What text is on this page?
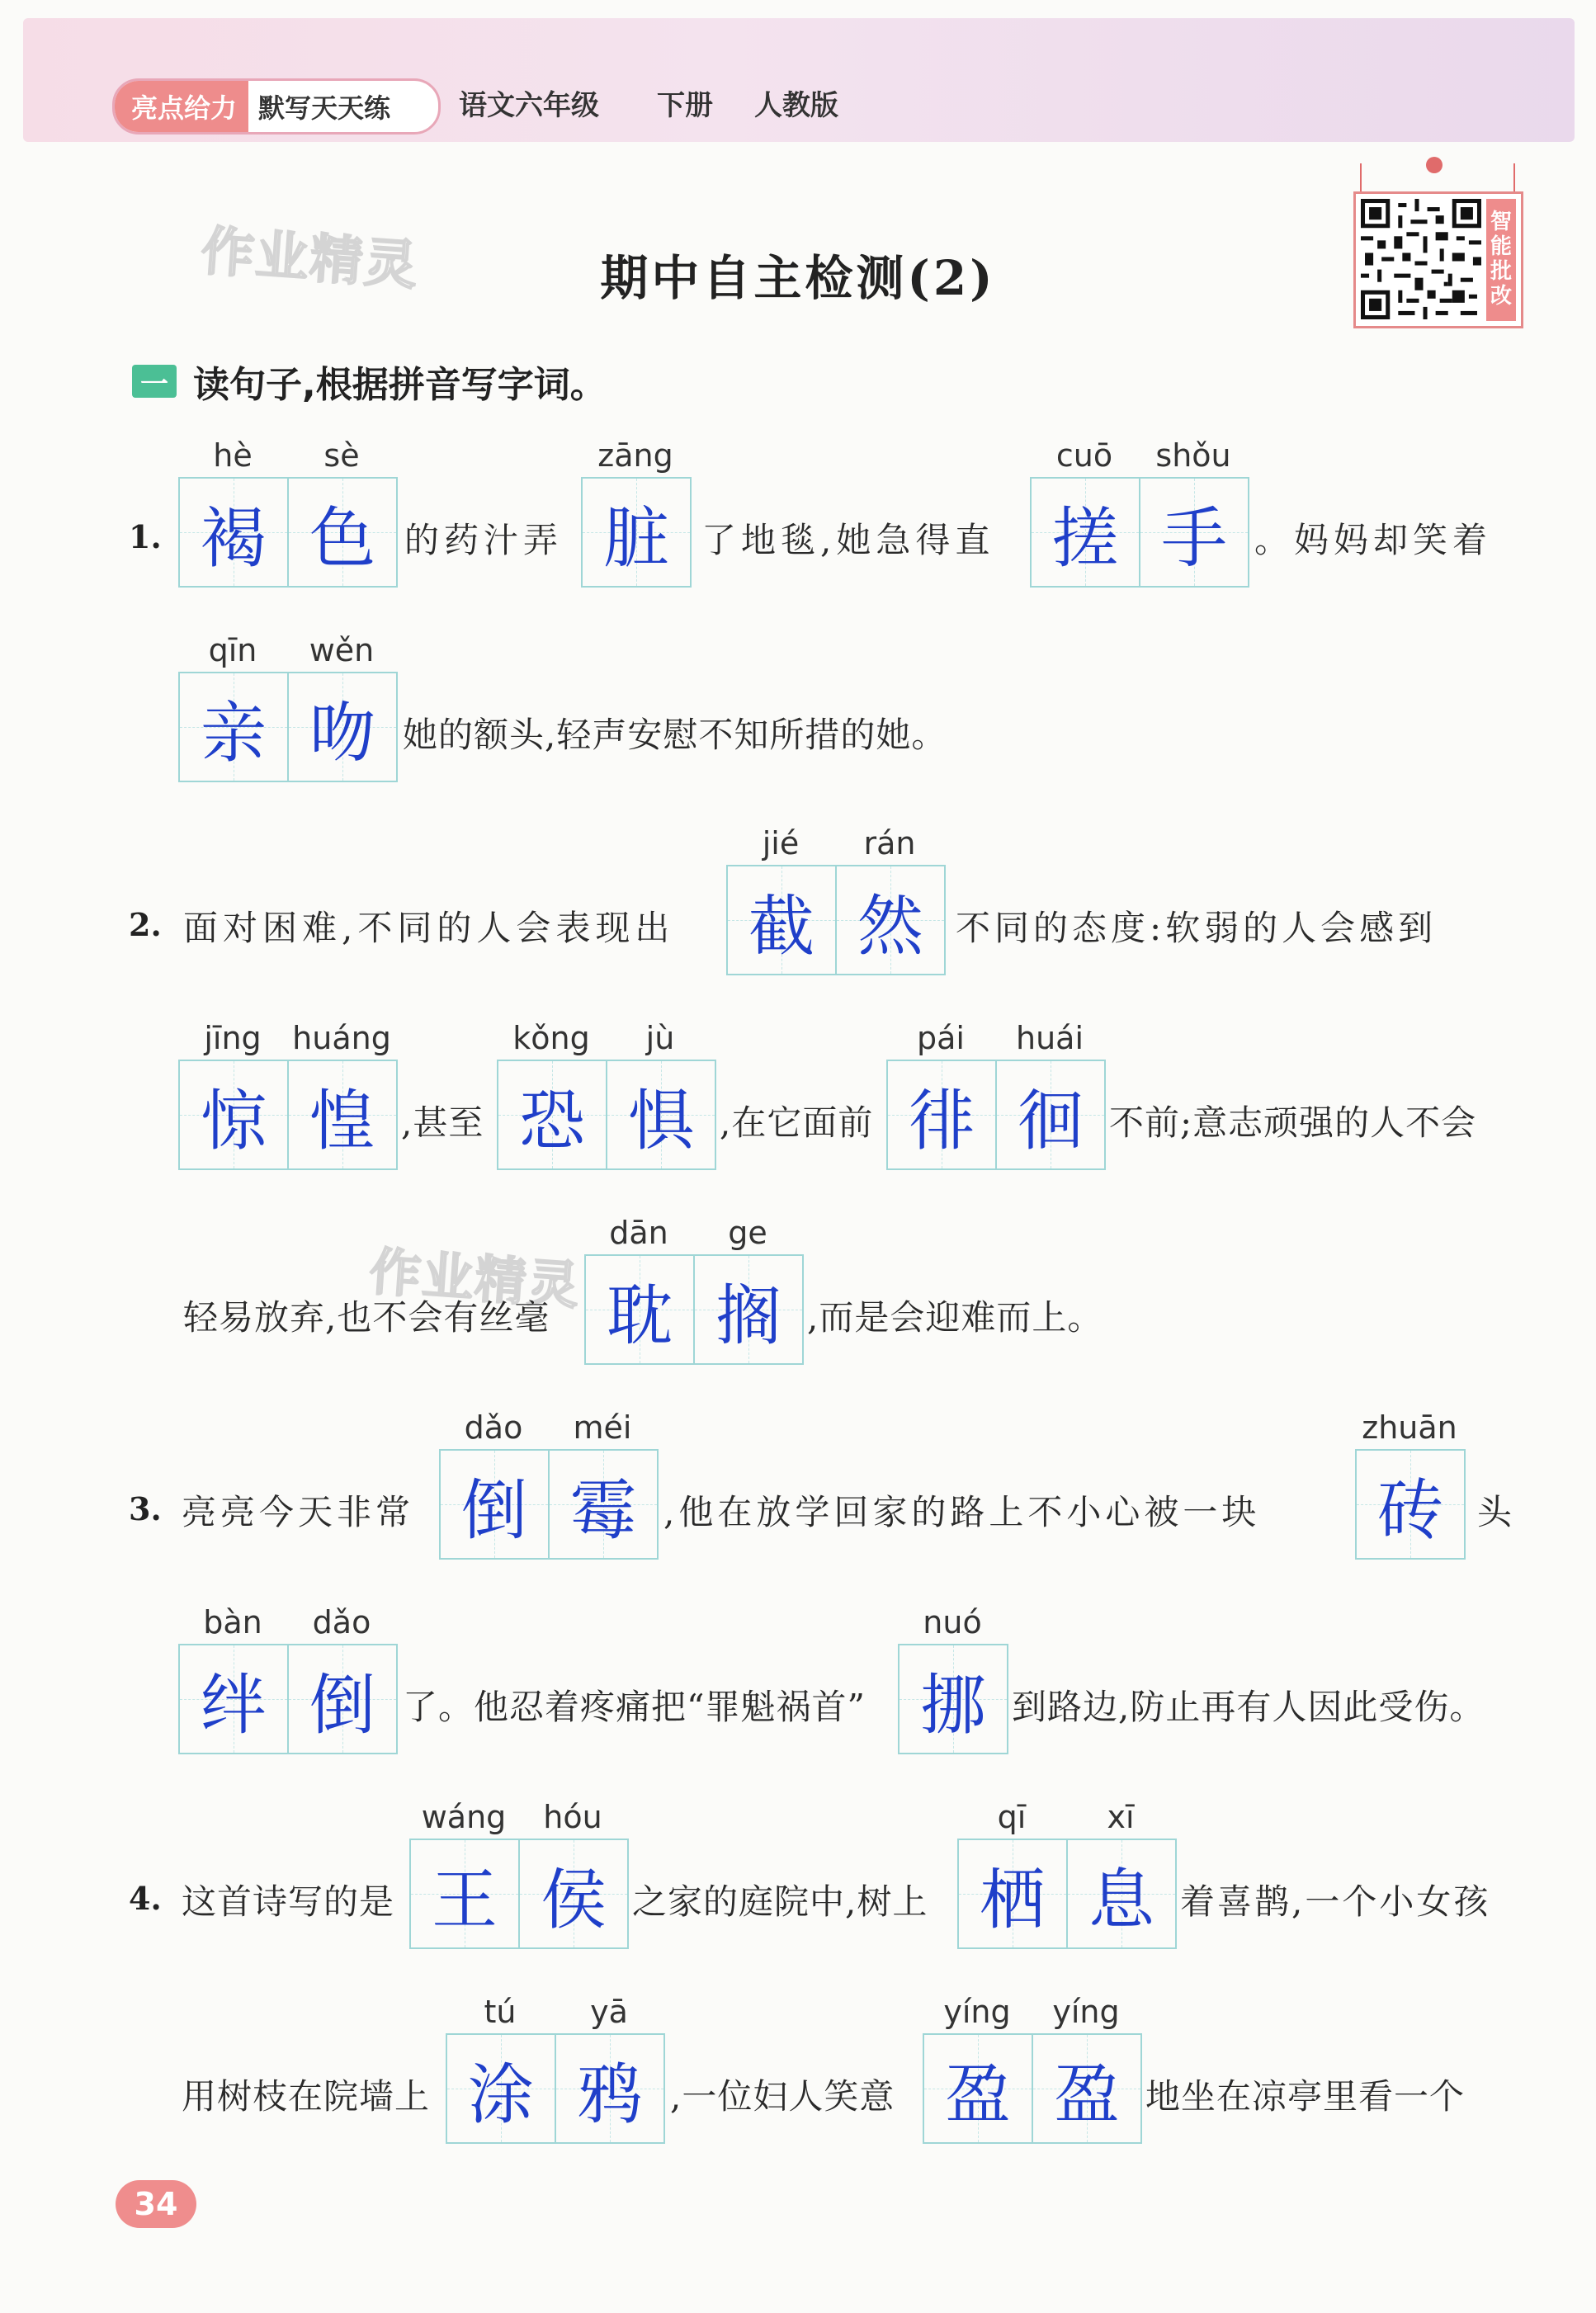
亮点给力 默写天天练	语文六年级 下册 人教版
作业精灵
作业精灵
期中自主检测(2)
智
能
批
改
一 读句子,根据拼音写字词。
1.
hè	sè
褐 色 的药汁弄
zāng
脏 了地毯,她急得直
cuō	shǒu
搓 手 。妈妈却笑着
qīn	wěn
亲 吻 她的额头,轻声安慰不知所措的她。
2. 面对困难,不同的人会表现出
jié	rán
截 然 不同的态度:软弱的人会感到
jīng huáng
惊 惶 ,甚至
kǒng	jù
恐 惧 ,在它面前
pái	huái
徘 徊 不前;意志顽强的人不会
轻易放弃,也不会有丝毫
dān	ge
耽 搁 ,而是会迎难而上。
3. 亮亮今天非常
dǎo	méi
倒 霉 ,他在放学回家的路上不小心被一块
zhuān
砖 头
bàn	dǎo
绊 倒 了。他忍着疼痛把“罪魁祸首”
nuó
挪 到路边,防止再有人因此受伤。
4. 这首诗写的是
wáng	hóu
王 侯 之家的庭院中,树上
qī	xī
栖 息 着喜鹊,一个小女孩
用树枝在院墙上
tú	yā
涂 鸦 ,一位妇人笑意
yíng	yíng
盈 盈 地坐在凉亭里看一个
34
